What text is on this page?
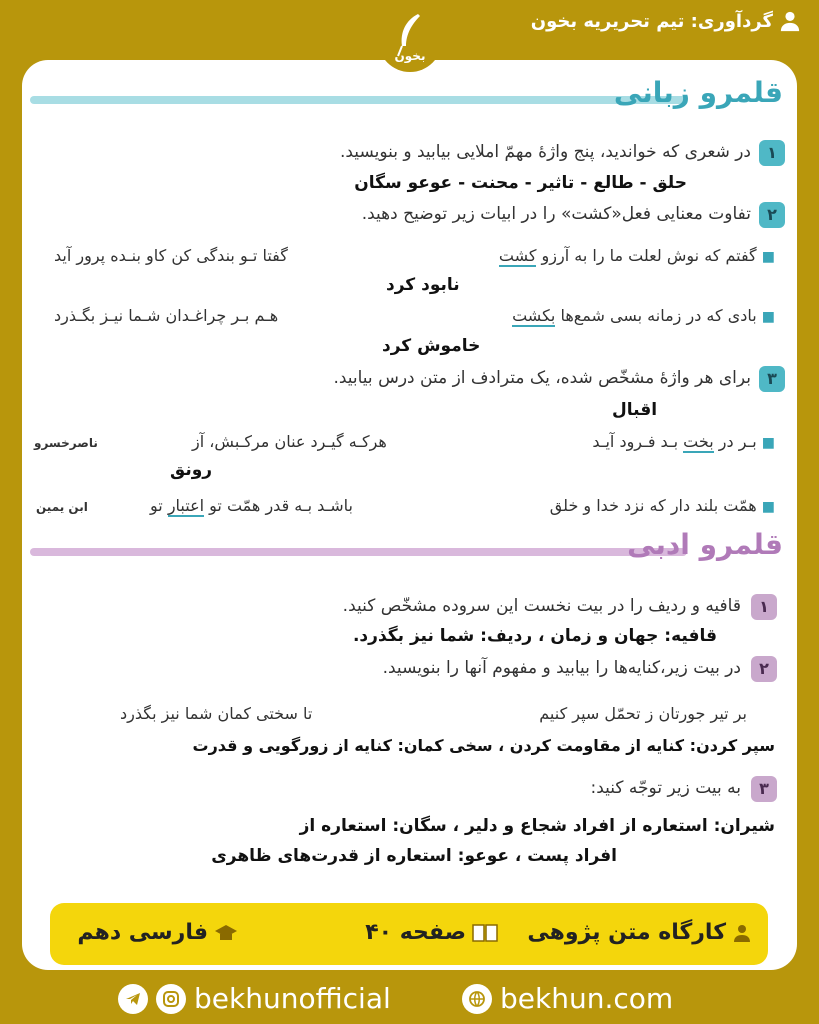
گردآوری: تیم تحریریه بخون
بخون
قلمرو زبانی
۱
در شعری که خواندید، پنج واژهٔ مهمّ املایی بیابید و بنویسید.
حلق - طالع - تاثیر - محنت - عوعو سگان
۲
تفاوت معنایی فعل«کشت» را در ابیات زیر توضیح دهید.
■ گفتم که نوش لعلت ما را به آرزو کشت
گفتا تـو بندگی کن کاو بنـده پرور آید
نابود کرد
■ بادی که در زمانه بسی شمع‌ها بکشت
هـم بـر چراغـدان شـما نیـز بگـذرد
خاموش کرد
۳
برای هر واژهٔ مشخّص شده، یک مترادف از متن درس بیابید.
اقبال
■ بـر در بخت بـد فـرود آیـد
هرکـه گیـرد عنان مرکـبش، آز
ناصرخسرو
رونق
■ همّت بلند دار که نزد خدا و خلق
باشـد بـه قدر همّت تو اعتبار تو
ابن یمین
قلمرو ادبی
۱
قافیه و ردیف را در بیت نخست این سروده مشخّص کنید.
قافیه: جهان و زمان ، ردیف: شما نیز بگذرد.
۲
در بیت زیر،کنایه‌ها را بیابید و مفهوم آنها را بنویسید.
بر تیر جورتان ز تحمّل سپر کنیم
تا سختی کمان شما نیز بگذرد
سپر کردن: کنایه از مقاومت کردن ، سخی کمان: کنایه از زورگویی و قدرت
۳
به بیت زیر توجّه کنید:
شیران: استعاره از افراد شجاع و دلیر ، سگان: استعاره از
افراد پست ، عوعو: استعاره از قدرت‌های ظاهری
کارگاه متن پژوهی
صفحه ۴۰
فارسی دهم
bekhunofficial	bekhun.com
